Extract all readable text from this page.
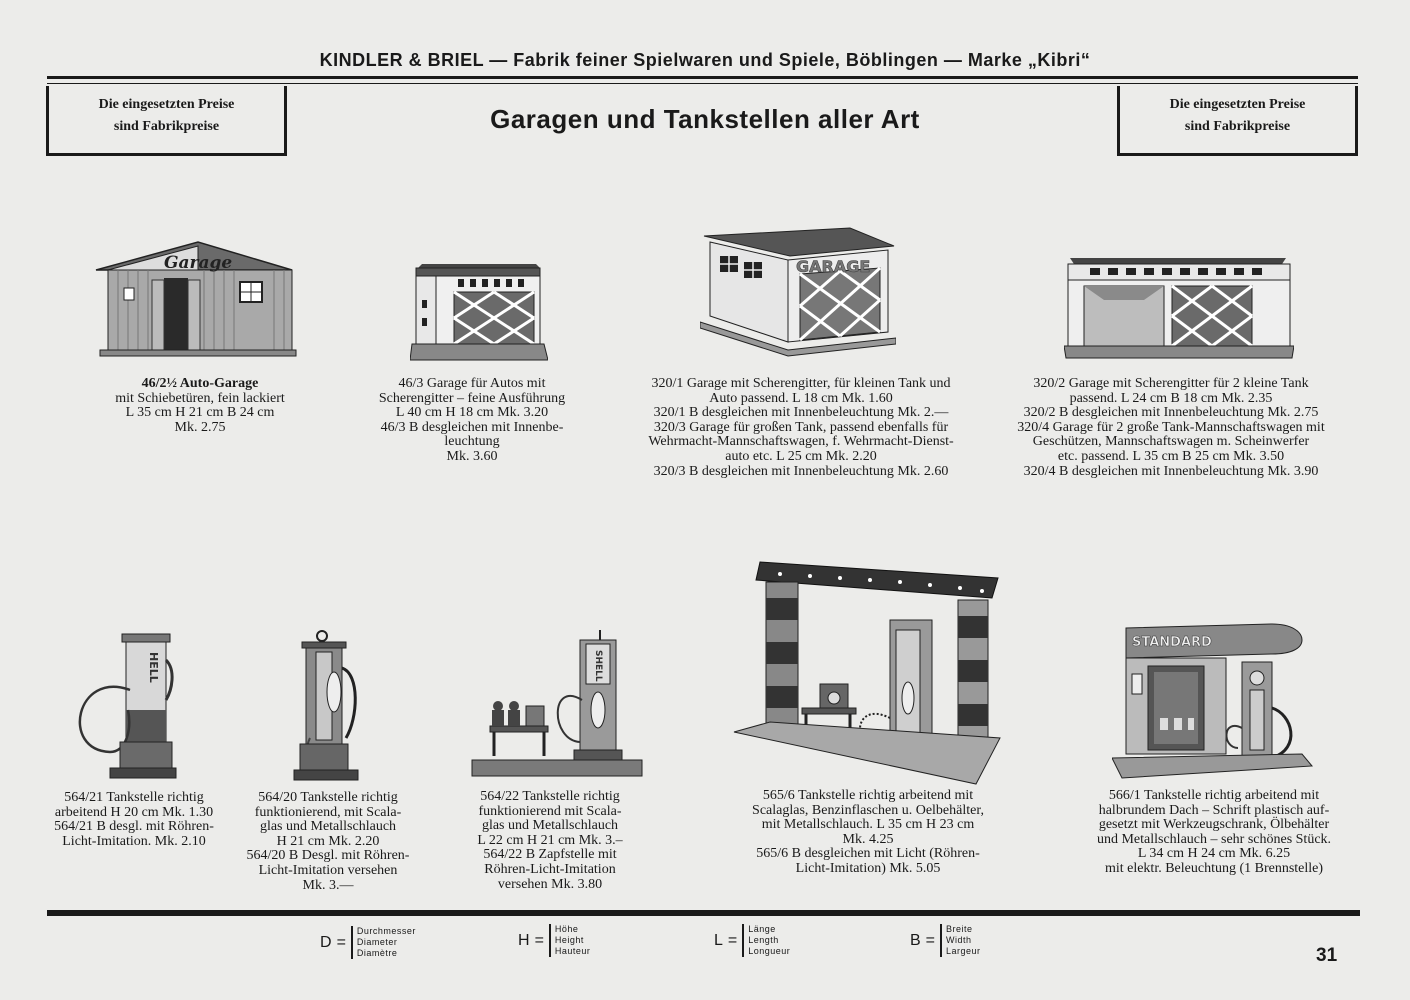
KINDLER & BRIEL — Fabrik feiner Spielwaren und Spiele, Böblingen — Marke „Kibri“
Die eingesetzten Preise
sind Fabrikpreise
Die eingesetzten Preise
sind Fabrikpreise
Garagen und Tankstellen aller Art
Garage	GARAGE
46/2½ Auto-Garage
mit Schiebetüren, fein lackiert
L 35 cm H 21 cm B 24 cm
Mk. 2.75
46/3 Garage für Autos mit
Scherengitter – feine Ausführung
L 40 cm H 18 cm Mk. 3.20
46/3 B desgleichen mit Innenbe-
leuchtung
Mk. 3.60
320/1 Garage mit Scherengitter, für kleinen Tank und
Auto passend. L 18 cm Mk. 1.60
320/1 B desgleichen mit Innenbeleuchtung Mk. 2.—
320/3 Garage für großen Tank, passend ebenfalls für
Wehrmacht-Mannschaftswagen, f. Wehrmacht-Dienst-
auto etc. L 25 cm Mk. 2.20
320/3 B desgleichen mit Innenbeleuchtung Mk. 2.60
320/2 Garage mit Scherengitter für 2 kleine Tank
passend. L 24 cm B 18 cm Mk. 2.35
320/2 B desgleichen mit Innenbeleuchtung Mk. 2.75
320/4 Garage für 2 große Tank-Mannschaftswagen mit
Geschützen, Mannschaftswagen m. Scheinwerfer
etc. passend. L 35 cm B 25 cm Mk. 3.50
320/4 B desgleichen mit Innenbeleuchtung Mk. 3.90
HELL	SHELL
STANDARD
564/21 Tankstelle richtig
arbeitend H 20 cm Mk. 1.30
564/21 B desgl. mit Röhren-
Licht-Imitation. Mk. 2.10
564/20 Tankstelle richtig
funktionierend, mit Scala-
glas und Metallschlauch
H 21 cm Mk. 2.20
564/20 B Desgl. mit Röhren-
Licht-Imitation versehen
Mk. 3.—
564/22 Tankstelle richtig
funktionierend mit Scala-
glas und Metallschlauch
L 22 cm H 21 cm Mk. 3.–
564/22 B Zapfstelle mit
Röhren-Licht-Imitation
versehen Mk. 3.80
565/6 Tankstelle richtig arbeitend mit
Scalaglas, Benzinflaschen u. Oelbehälter,
mit Metallschlauch. L 35 cm H 23 cm
Mk. 4.25
565/6 B desgleichen mit Licht (Röhren-
Licht-Imitation) Mk. 5.05
566/1 Tankstelle richtig arbeitend mit
halbrundem Dach – Schrift plastisch auf-
gesetzt mit Werkzeugschrank, Ölbehälter
und Metallschlauch – sehr schönes Stück.
L 34 cm H 24 cm Mk. 6.25
mit elektr. Beleuchtung (1 Brennstelle)
D =
Durchmesser
Diameter
Diamètre
H =
Höhe
Height
Hauteur
L =
Länge
Length
Longueur
B =
Breite
Width
Largeur	31
